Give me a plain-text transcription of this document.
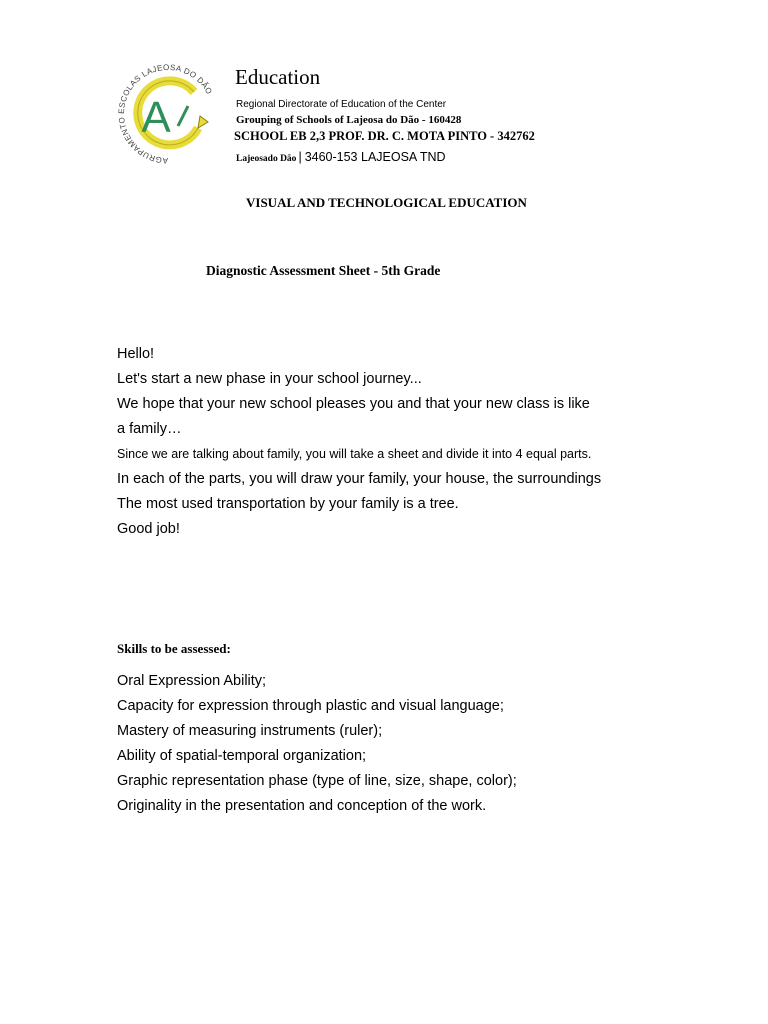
AGRUPAMENTO ESCOLAS LAJEOSA DO DÃO
A
Education
Regional Directorate of Education of the Center
Grouping of Schools of Lajeosa do Dão - 160428
SCHOOL EB 2,3 PROF. DR. C. MOTA PINTO - 342762
Lajeosado Dão | 3460-153 LAJEOSA TND
VISUAL AND TECHNOLOGICAL EDUCATION
Diagnostic Assessment Sheet - 5th Grade

Hello!

Let's start a new phase in your school journey...

We hope that your new school pleases you and that your new class is like

a family…

Since we are talking about family, you will take a sheet and divide it into 4 equal parts.

In each of the parts, you will draw your family, your house, the surroundings

The most used transportation by your family is a tree.

Good job!

Skills to be assessed:
Oral Expression Ability;
Capacity for expression through plastic and visual language;
Mastery of measuring instruments (ruler);
Ability of spatial-temporal organization;
Graphic representation phase (type of line, size, shape, color);
Originality in the presentation and conception of the work.
